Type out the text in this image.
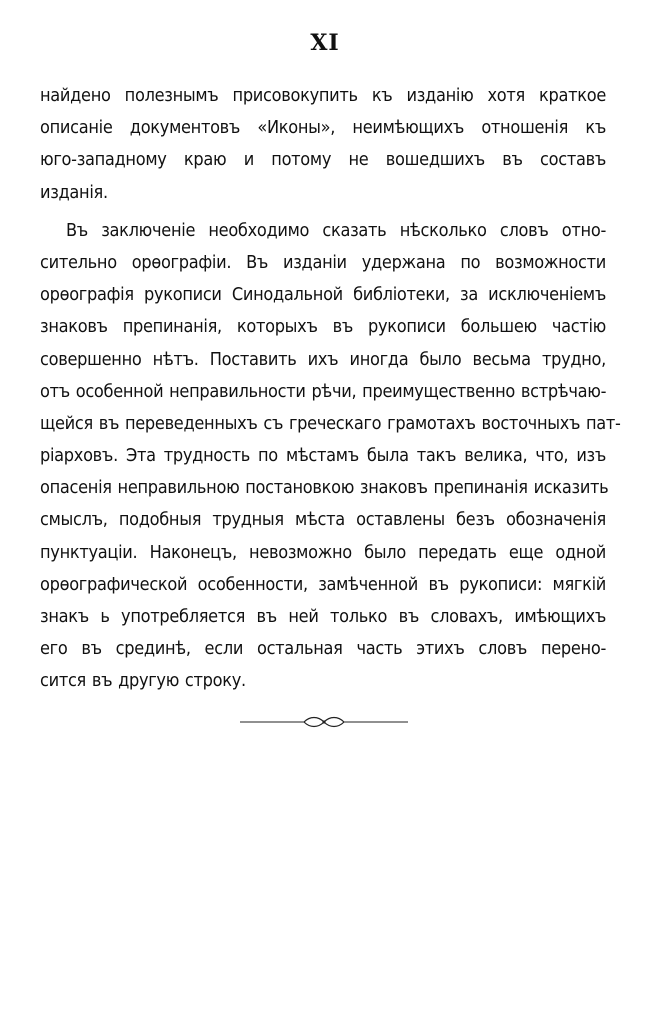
XI
найдено полезнымъ присовокупить къ изданію хотя краткое
описаніе документовъ «Иконы», неимѣющихъ отношенія къ
юго-западному краю и потому не вошедшихъ въ составъ
изданія.
Въ заключеніе необходимо сказать нѣсколько словъ отно-
сительно орѳографіи. Въ изданіи удержана по возможности
орѳографія рукописи Синодальной библіотеки, за исключеніемъ
знаковъ препинанія, которыхъ въ рукописи большею частію
совершенно нѣтъ. Поставить ихъ иногда было весьма трудно,
отъ особенной неправильности рѣчи, преимущественно встрѣчаю-
щейся въ переведенныхъ съ греческаго грамотахъ восточныхъ пат-
ріарховъ. Эта трудность по мѣстамъ была такъ велика, что, изъ
опасенія неправильною постановкою знаковъ препинанія исказить
смыслъ, подобныя трудныя мѣста оставлены безъ обозначенія
пунктуаціи. Наконецъ, невозможно было передать еще одной
орѳографической особенности, замѣченной въ рукописи: мягкій
знакъ ь употребляется въ ней только въ словахъ, имѣющихъ
его въ срединѣ, если остальная часть этихъ словъ перено-
сится въ другую строку.
